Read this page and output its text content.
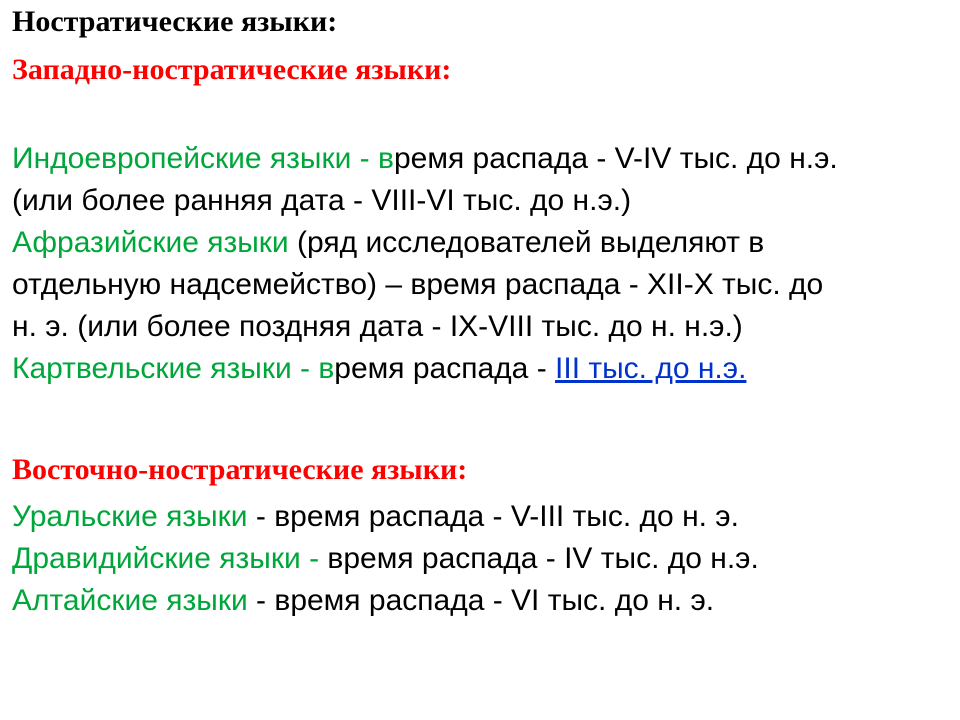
Ностратические языки:
Западно-ностратические языки:
Индоевропейские языки - время распада - V-IV тыс. до н.э.
(или более ранняя дата - VIII-VI тыс. до н.э.)
Афразийские языки (ряд исследователей выделяют в
отдельную надсемейство) – время распада - XII-X тыс. до
н. э. (или более поздняя дата - IX-VIII тыс. до н. н.э.)
Картвельские языки - время распада - III тыс. до н.э.
Восточно-ностратические языки:
Уральские языки - время распада - V-III тыс. до н. э.
Дравидийские языки - время распада - IV тыс. до н.э.
Алтайские языки - время распада - VI тыс. до н. э.
